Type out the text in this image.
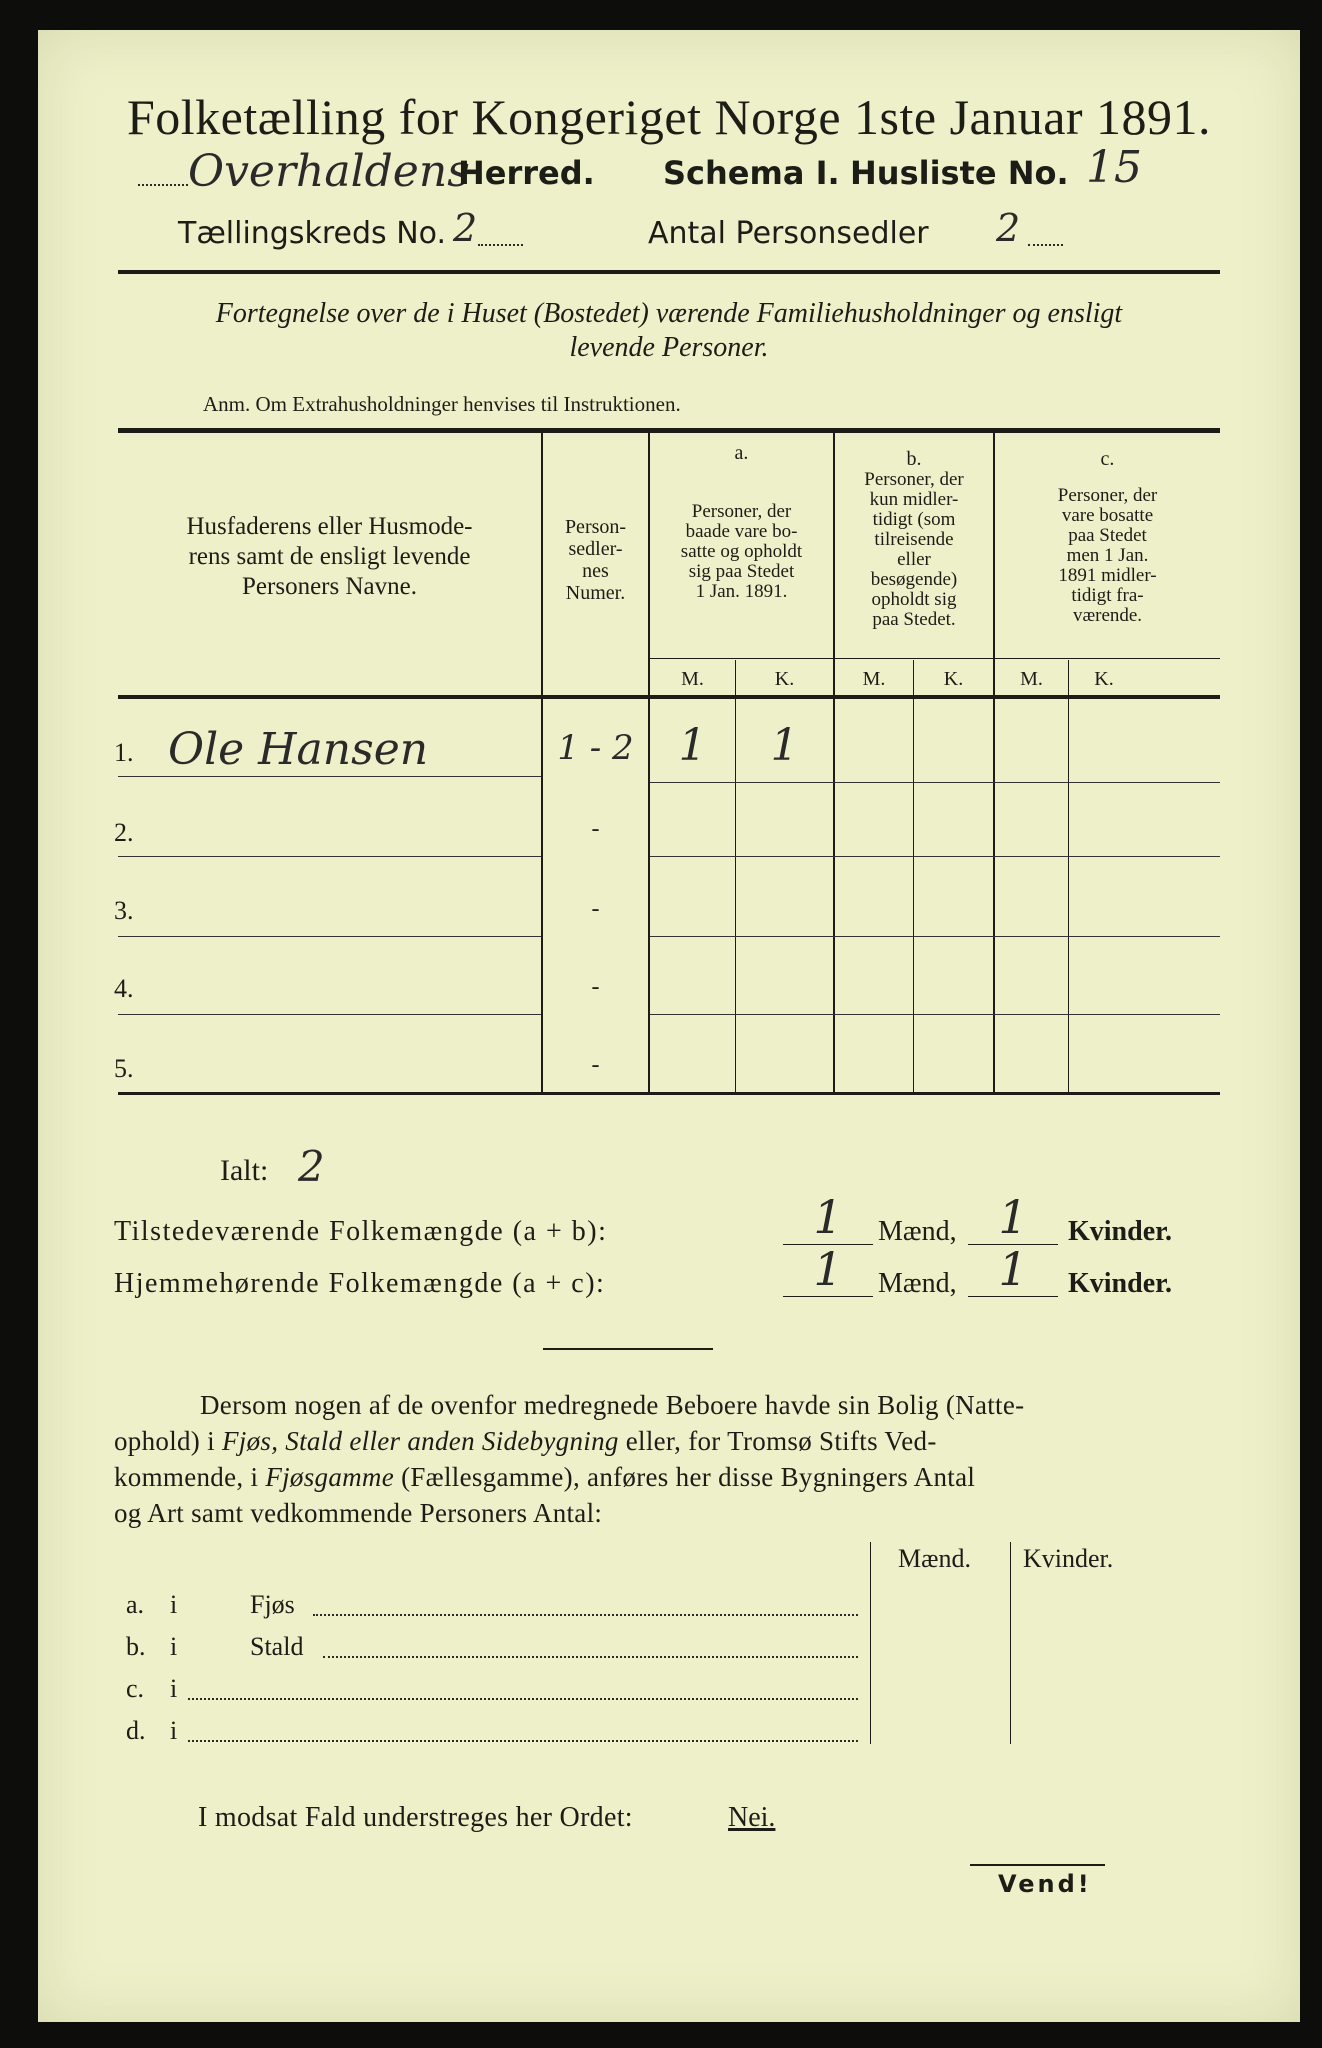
Folketælling for Kongeriget Norge 1ste Januar 1891.
Overhaldens
Herred. Schema I. Husliste No. 15
Tællingskreds No. 2	Antal Personsedler 2
Fortegnelse over de i Huset (Bostedet) værende Familiehusholdninger og ensligt
levende Personer.
Anm. Om Extrahusholdninger henvises til Instruktionen.
Husfaderens eller Husmode-
rens samt de ensligt levende
Personers Navne.
Person-
sedler-
nes
Numer.
a.
Personer, der
baade vare bo-
satte og opholdt
sig paa Stedet
1 Jan. 1891.
b.
Personer, der
kun midler-
tidigt (som
tilreisende
eller
besøgende)
opholdt sig
paa Stedet.
c.
Personer, der
vare bosatte
paa Stedet
men 1 Jan.
1891 midler-
tidigt fra-
værende.
M.	K.	M.	K.	M.	K.
1. Ole Hansen	1 - 2	1	1
2.	-
3.	-
4.	-
5.	-
Ialt: 2
Tilstedeværende Folkemængde (a + b):	1	Mænd, 1	Kvinder.
Hjemmehørende Folkemængde (a + c):	1	Mænd, 1	Kvinder.
Dersom nogen af de ovenfor medregnede Beboere havde sin Bolig (Natte-
ophold) i Fjøs, Stald eller anden Sidebygning eller, for Tromsø Stifts Ved-
kommende, i Fjøsgamme (Fællesgamme), anføres her disse Bygningers Antal
og Art samt vedkommende Personers Antal:
Mænd. Kvinder.
a. i	Fjøs
b. i	Stald
c. i
d. i
I modsat Fald understreges her Ordet:	Nei.
Vend!
